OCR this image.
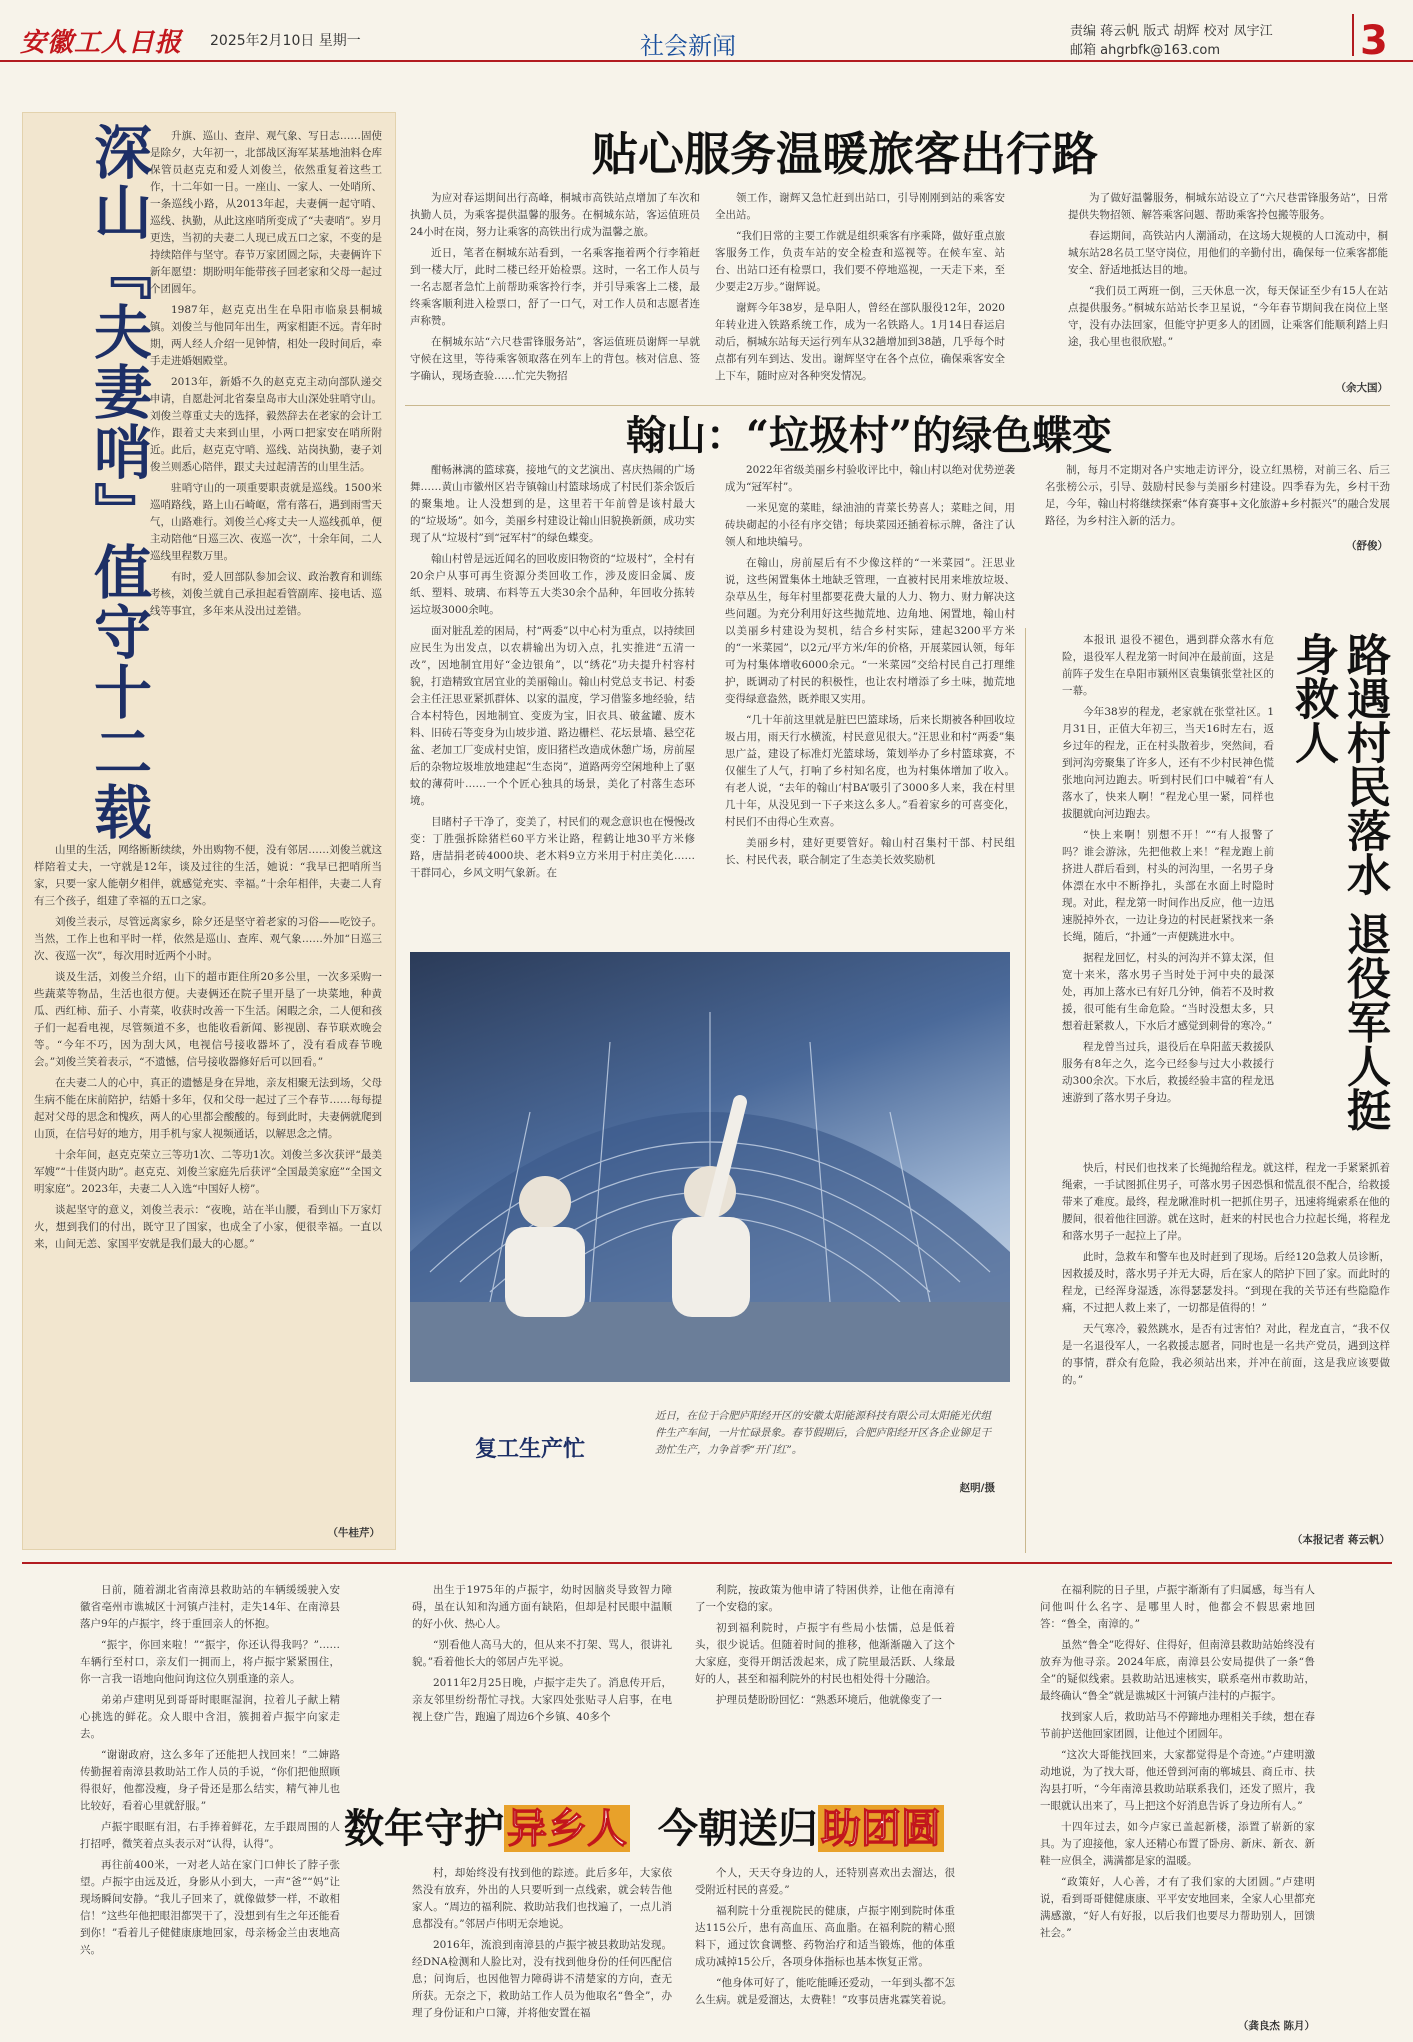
安徽工人日报 2025年2月10日 星期一	社会新闻
责编 蒋云帆 版式 胡辉 校对 凤宇江
邮箱 ahgrbfk@163.com	3
深山『夫妻哨』值守十二载	升旗、巡山、查岸、观气象、写日志……固使是除夕，大年初一，北部战区海军某基地油料仓库保管员赵克克和爱人刘俊兰，依然重复着这些工作，十二年如一日。一座山、一家人、一处哨所、一条巡线小路，从2013年起，夫妻俩一起守哨、巡线、执勤，从此这座哨所变成了“夫妻哨”。岁月更迭，当初的夫妻二人现已成五口之家，不变的是持续陪伴与坚守。春节万家团圆之际，夫妻俩许下新年愿望：期盼明年能带孩子回老家和父母一起过个团圆年。

1987年，赵克克出生在阜阳市临泉县桐城镇。刘俊兰与他同年出生，两家相距不远。青年时期，两人经人介绍一见钟情，相处一段时间后，牵手走进婚姻殿堂。

2013年，新婚不久的赵克克主动向部队递交申请，自愿赴河北省秦皇岛市大山深处驻哨守山。刘俊兰尊重丈夫的选择，毅然辞去在老家的会计工作，跟着丈夫来到山里，小两口把家安在哨所附近。此后，赵克克守哨、巡线、站岗执勤，妻子刘俊兰则悉心陪伴，跟丈夫过起清苦的山里生活。

驻哨守山的一项重要职责就是巡线。1500米巡哨路线，路上山石崎岖，常有落石，遇到雨雪天气，山路难行。刘俊兰心疼丈夫一人巡线孤单，便主动陪他“日巡三次、夜巡一次”，十余年间，二人巡线里程数万里。

有时，爱人回部队参加会议、政治教育和训练考核，刘俊兰就自己承担起看管副库、接电话、巡线等事宜，多年来从没出过差错。

山里的生活，网络断断续续，外出购物不便，没有邻居……刘俊兰就这样陪着丈夫，一守就是12年，谈及过往的生活，她说：“我早已把哨所当家，只要一家人能朝夕相伴，就感觉充实、幸福。”十余年相伴，夫妻二人育有三个孩子，组建了幸福的五口之家。

刘俊兰表示，尽管远离家乡，除夕还是坚守着老家的习俗——吃饺子。当然，工作上也和平时一样，依然是巡山、查库、观气象……外加“日巡三次、夜巡一次”，每次用时近两个小时。

谈及生活，刘俊兰介绍，山下的超市距住所20多公里，一次多采购一些蔬菜等物品，生活也很方便。夫妻俩还在院子里开垦了一块菜地，种黄瓜、西红柿、茄子、小青菜，收获时改善一下生活。闲暇之余，二人便和孩子们一起看电视，尽管频道不多，也能收看新闻、影视剧、春节联欢晚会等。“今年不巧，因为刮大风，电视信号接收器坏了，没有看成春节晚会。”刘俊兰笑着表示，“不遗憾，信号接收器修好后可以回看。”

在夫妻二人的心中，真正的遗憾是身在异地，亲友相聚无法到场，父母生病不能在床前陪护，结婚十多年，仅和父母一起过了三个春节……每每提起对父母的思念和愧疚，两人的心里都会酸酸的。每到此时，夫妻俩就爬到山顶，在信号好的地方，用手机与家人视频通话，以解思念之情。

十余年间，赵克克荣立三等功1次、二等功1次。刘俊兰多次获评“最美军嫂”“十佳贤内助”。赵克克、刘俊兰家庭先后获评“全国最美家庭”“全国文明家庭”。2023年，夫妻二人入选“中国好人榜”。

谈起坚守的意义，刘俊兰表示：“夜晚，站在半山腰，看到山下万家灯火，想到我们的付出，既守卫了国家，也成全了小家，便很幸福。一直以来，山间无恙、家国平安就是我们最大的心愿。”

（牛桂芹）
贴心服务温暖旅客出行路

为应对春运期间出行高峰，桐城市高铁站点增加了车次和执勤人员，为乘客提供温馨的服务。在桐城东站，客运值班员24小时在岗，努力让乘客的高铁出行成为温馨之旅。

近日，笔者在桐城东站看到，一名乘客拖着两个行李箱赶到一楼大厅，此时二楼已经开始检票。这时，一名工作人员与一名志愿者急忙上前帮助乘客拎行李，并引导乘客上二楼，最终乘客顺利进入检票口，舒了一口气，对工作人员和志愿者连声称赞。

在桐城东站“六尺巷雷锋服务站”，客运值班员谢辉一早就守候在这里，等待乘客领取落在列车上的背包。核对信息、签字确认，现场查验……忙完失物招

领工作，谢辉又急忙赶到出站口，引导刚刚到站的乘客安全出站。

“我们日常的主要工作就是组织乘客有序乘降，做好重点旅客服务工作，负责车站的安全检查和巡视等。在候车室、站台、出站口还有检票口，我们要不停地巡视，一天走下来，至少要走2万步。”谢辉说。

谢辉今年38岁，是阜阳人，曾经在部队服役12年，2020年转业进入铁路系统工作，成为一名铁路人。1月14日春运启动后，桐城东站每天运行列车从32趟增加到38趟，几乎每个时点都有列车到达、发出。谢辉坚守在各个点位，确保乘客安全上下车，随时应对各种突发情况。

为了做好温馨服务，桐城东站设立了“六尺巷雷锋服务站”，日常提供失物招领、解答乘客问题、帮助乘客拎包搬等服务。

春运期间，高铁站内人潮涌动，在这场大规模的人口流动中，桐城东站28名员工坚守岗位，用他们的辛勤付出，确保每一位乘客都能安全、舒适地抵达目的地。

“我们员工两班一倒，三天休息一次，每天保证至少有15人在站点提供服务。”桐城东站站长李卫星说，“今年春节期间我在岗位上坚守，没有办法回家，但能守护更多人的团圆，让乘客们能顺利踏上归途，我心里也很欣慰。”

（余大国）
翰山：“垃圾村”的绿色蝶变

酣畅淋漓的篮球赛，接地气的文艺演出、喜庆热闹的广场舞……黄山市徽州区岩寺镇翰山村篮球场成了村民们茶余饭后的聚集地。让人没想到的是，这里若干年前曾是该村最大的“垃圾场”。如今，美丽乡村建设让翰山旧貌换新颜，成功实现了从“垃圾村”到“冠军村”的绿色蝶变。

翰山村曾是远近闻名的回收废旧物资的“垃圾村”，全村有20余户从事可再生资源分类回收工作，涉及废旧金属、废纸、塑料、玻璃、布料等五大类30余个品种，年回收分拣转运垃圾3000余吨。

面对脏乱差的困局，村“两委”以中心村为重点，以持续回应民生为出发点，以农耕输出为切入点，扎实推进“五清一改”，因地制宜用好“金边银角”，以“绣花”功夫提升村容村貌，打造精致宜居宜业的美丽翰山。翰山村党总支书记、村委会主任汪思亚紧抓群体、以家的温度，学习借鉴多地经验，结合本村特色，因地制宜、变废为宝，旧衣具、破盆罐、废木料、旧砖石等变身为山坡步道、路边栅栏、花坛景墙、悬空花盆、老加工厂变成村史馆，废旧猪栏改造成休憩广场，房前屋后的杂物垃圾堆放地建起“生态岗”，道路两旁空闲地种上了驱蚊的薄荷叶……一个个匠心独具的场景，美化了村落生态环境。

目睹村子干净了，变美了，村民们的观念意识也在慢慢改变：丁胜强拆除猪栏60平方米让路，程鹤让地30平方米修路，唐喆捐老砖4000块、老木料9立方米用于村庄美化……干群同心，乡风文明气象新。在

2022年省级美丽乡村验收评比中，翰山村以绝对优势逆袭成为“冠军村”。

一米见宽的菜畦，绿油油的青菜长势喜人；菜畦之间，用砖块砌起的小径有序交错；每块菜园还插着标示牌，备注了认领人和地块编号。

在翰山，房前屋后有不少像这样的“一米菜园”。汪思业说，这些闲置集体土地缺乏管理，一直被村民用来堆放垃圾、杂草丛生，每年村里都要花费大量的人力、物力、财力解决这些问题。为充分利用好这些抛荒地、边角地、闲置地，翰山村以美丽乡村建设为契机，结合乡村实际，建起3200平方米的“一米菜园”，以2元/平方米/年的价格，开展菜园认领，每年可为村集体增收6000余元。“一米菜园”交给村民自己打理维护，既调动了村民的积极性，也让农村增添了乡土味，抛荒地变得绿意盎然，既养眼又实用。

“几十年前这里就是脏巴巴篮球场，后来长期被各种回收垃圾占用，雨天行水横流，村民意见很大。”汪思业和村“两委”集思广益，建设了标准灯光篮球场，策划举办了乡村篮球赛，不仅催生了人气，打响了乡村知名度，也为村集体增加了收入。有老人说，“去年的翰山‘村BA’吸引了3000多人来，我在村里几十年，从没见到一下子来这么多人。”看着家乡的可喜变化，村民们不由得心生欢喜。

美丽乡村，建好更要管好。翰山村召集村干部、村民组长、村民代表，联合制定了生态美长效奖励机

制，每月不定期对各户实地走访评分，设立红黑榜，对前三名、后三名张榜公示，引导、鼓励村民参与美丽乡村建设。四季春为先，乡村干劲足，今年，翰山村将继续探索“体育赛事+文化旅游+乡村振兴”的融合发展路径，为乡村注入新的活力。

（舒俊）
复工生产忙
近日，在位于合肥庐阳经开区的安徽太阳能源科技有限公司太阳能光伏组件生产车间，一片忙碌景象。春节假期后，合肥庐阳经开区各企业铆足干劲忙生产，力争首季“开门红”。
赵明/摄
路遇村民落水 退役军人挺身救人

本报讯 退役不褪色，遇到群众落水有危险，退役军人程龙第一时间冲在最前面，这是前阵子发生在阜阳市颍州区袁集镇张堂社区的一幕。

今年38岁的程龙，老家就在张堂社区。1月31日，正值大年初三，当天16时左右，返乡过年的程龙，正在村头散着步，突然间，看到河沟旁聚集了许多人，还有不少村民神色慌张地向河边跑去。听到村民们口中喊着“有人落水了，快来人啊！”程龙心里一紧，同样也拔腿就向河边跑去。

“快上来啊！别想不开！”“有人报警了吗？谁会游泳，先把他救上来！”程龙跑上前挤进人群后看到，村头的河沟里，一名男子身体漂在水中不断挣扎，头部在水面上时隐时现。对此，程龙第一时间作出反应，他一边迅速脱掉外衣，一边让身边的村民赶紧找来一条长绳，随后，“扑通”一声便跳进水中。

据程龙回忆，村头的河沟并不算太深，但宽十来米，落水男子当时处于河中央的最深处，再加上落水已有好几分钟，倘若不及时救援，很可能有生命危险。“当时没想太多，只想着赶紧救人，下水后才感觉到刺骨的寒冷。”

程龙曾当过兵，退役后在阜阳蓝天救援队服务有8年之久，迄今已经参与过大小救援行动300余次。下水后，救援经验丰富的程龙迅速游到了落水男子身边。

快后，村民们也找来了长绳抛给程龙。就这样，程龙一手紧紧抓着绳索，一手试图抓住男子，可落水男子因恐惧和慌乱很不配合，给救援带来了难度。最终，程龙瞅准时机一把抓住男子，迅速将绳索系在他的腰间，很着他往回游。就在这时，赶来的村民也合力拉起长绳，将程龙和落水男子一起拉上了岸。

此时，急救车和警车也及时赶到了现场。后经120急救人员诊断，因救援及时，落水男子并无大碍，后在家人的陪护下回了家。而此时的程龙，已经浑身湿透，冻得瑟瑟发抖。“到现在我的关节还有些隐隐作痛，不过把人救上来了，一切都是值得的！”

天气寒冷，毅然跳水，是否有过害怕？对此，程龙直言，“我不仅是一名退役军人，一名救援志愿者，同时也是一名共产党员，遇到这样的事情，群众有危险，我必须站出来，并冲在前面，这是我应该要做的。”

（本报记者 蒋云帆）

日前，随着湖北省南漳县救助站的车辆缓缓驶入安徽省亳州市谯城区十河镇卢洼村，走失14年、在南漳县落户9年的卢振宇，终于重回亲人的怀抱。

“振宇，你回来啦！”“振宇，你还认得我吗？”……车辆行至村口，亲友们一拥而上，将卢振宇紧紧围住，你一言我一语地向他问询这位久别重逢的亲人。

弟弟卢建明见到哥哥时眼眶湿润，拉着儿子献上精心挑选的鲜花。众人眼中含泪，簇拥着卢振宇向家走去。

“谢谢政府，这么多年了还能把人找回来！”二婶路传勤握着南漳县救助站工作人员的手说，“你们把他照顾得很好，他都没瘦，身子骨还是那么结实，精气神儿也比较好，看着心里就舒服。”

卢振宇眼眶有泪，右手捧着鲜花，左手跟周围的人打招呼，微笑着点头表示对“认得，认得”。

再往前400米，一对老人站在家门口伸长了脖子张望。卢振宇由远及近，身影从小到大，一声“爸”“妈”让现场瞬间安静。“我儿子回来了，就像做梦一样，不敢相信！”这些年他把眼泪都哭干了，没想到有生之年还能看到你！”看着儿子健健康康地回家，母亲杨金兰由衷地高兴。

出生于1975年的卢振宇，幼时因脑炎导致智力障碍，虽在认知和沟通方面有缺陷，但却是村民眼中温顺的好小伙、热心人。

“别看他人高马大的，但从来不打架、骂人，很讲礼貌。”看着他长大的邻居卢先平说。

2011年2月25日晚，卢振宇走失了。消息传开后，亲友邻里纷纷帮忙寻找。大家四处张贴寻人启事，在电视上登广告，跑遍了周边6个乡镇、40多个

利院，按政策为他申请了特困供养，让他在南漳有了一个安稳的家。

初到福利院时，卢振宇有些局小怯懦，总是低着头，很少说话。但随着时间的推移，他渐渐融入了这个大家庭，变得开朗活泼起来，成了院里最活跃、人缘最好的人，甚至和福利院外的村民也相处得十分融洽。

护理员楚盼盼回忆：“熟悉环境后，他就像变了一

数年守护异乡人 今朝送归助团圆

村，却始终没有找到他的踪迹。此后多年，大家依然没有放弃，外出的人只要听到一点线索，就会转告他家人。“周边的福利院、救助站我们也找遍了，一点儿消息都没有。”邻居卢伟明无奈地说。

2016年，流浪到南漳县的卢振宇被县救助站发现。经DNA检测和人脸比对，没有找到他身份的任何匹配信息；问询后，也因他智力障碍讲不清楚家的方向，查无所获。无奈之下，救助站工作人员为他取名“鲁全”，办理了身份证和户口簿，并将他安置在福

个人，天天夺身边的人，还特别喜欢出去溜达，很受附近村民的喜爱。”

福利院十分重视院民的健康，卢振宇刚到院时体重达115公斤，患有高血压、高血脂。在福利院的精心照料下，通过饮食调整、药物治疗和适当锻炼，他的体重成功减掉15公斤，各项身体指标也基本恢复正常。

“他身体可好了，能吃能睡还爱动，一年到头都不怎么生病。就是爱溜达，太费鞋！”攻事员唐兆霖笑着说。

在福利院的日子里，卢振宇渐渐有了归属感，每当有人问他叫什么名字、是哪里人时，他都会不假思索地回答：“鲁全，南漳的。”

虽然“鲁全”吃得好、住得好，但南漳县救助站始终没有放弃为他寻亲。2024年底，南漳县公安局提供了一条“鲁全”的疑似线索。县救助站迅速核实，联系亳州市救助站，最终确认“鲁全”就是谯城区十河镇卢洼村的卢振宇。

找到家人后，救助站马不停蹄地办理相关手续，想在春节前护送他回家团圆，让他过个团圆年。

“这次大哥能找回来，大家都觉得是个奇迹。”卢建明激动地说，为了找大哥，他还曾到河南的郸城县、商丘市、扶沟县打听，“今年南漳县救助站联系我们，还发了照片，我一眼就认出来了，马上把这个好消息告诉了身边所有人。”

十四年过去，如今卢家已盖起新楼，添置了崭新的家具。为了迎接他，家人还精心布置了卧房、新床、新衣、新鞋一应俱全，满满都是家的温暖。

“政策好，人心善，才有了我们家的大团圆。”卢建明说，看到哥哥健健康康、平平安安地回来，全家人心里都充满感激，“好人有好报，以后我们也要尽力帮助别人，回馈社会。”

（龚良杰 陈月）
